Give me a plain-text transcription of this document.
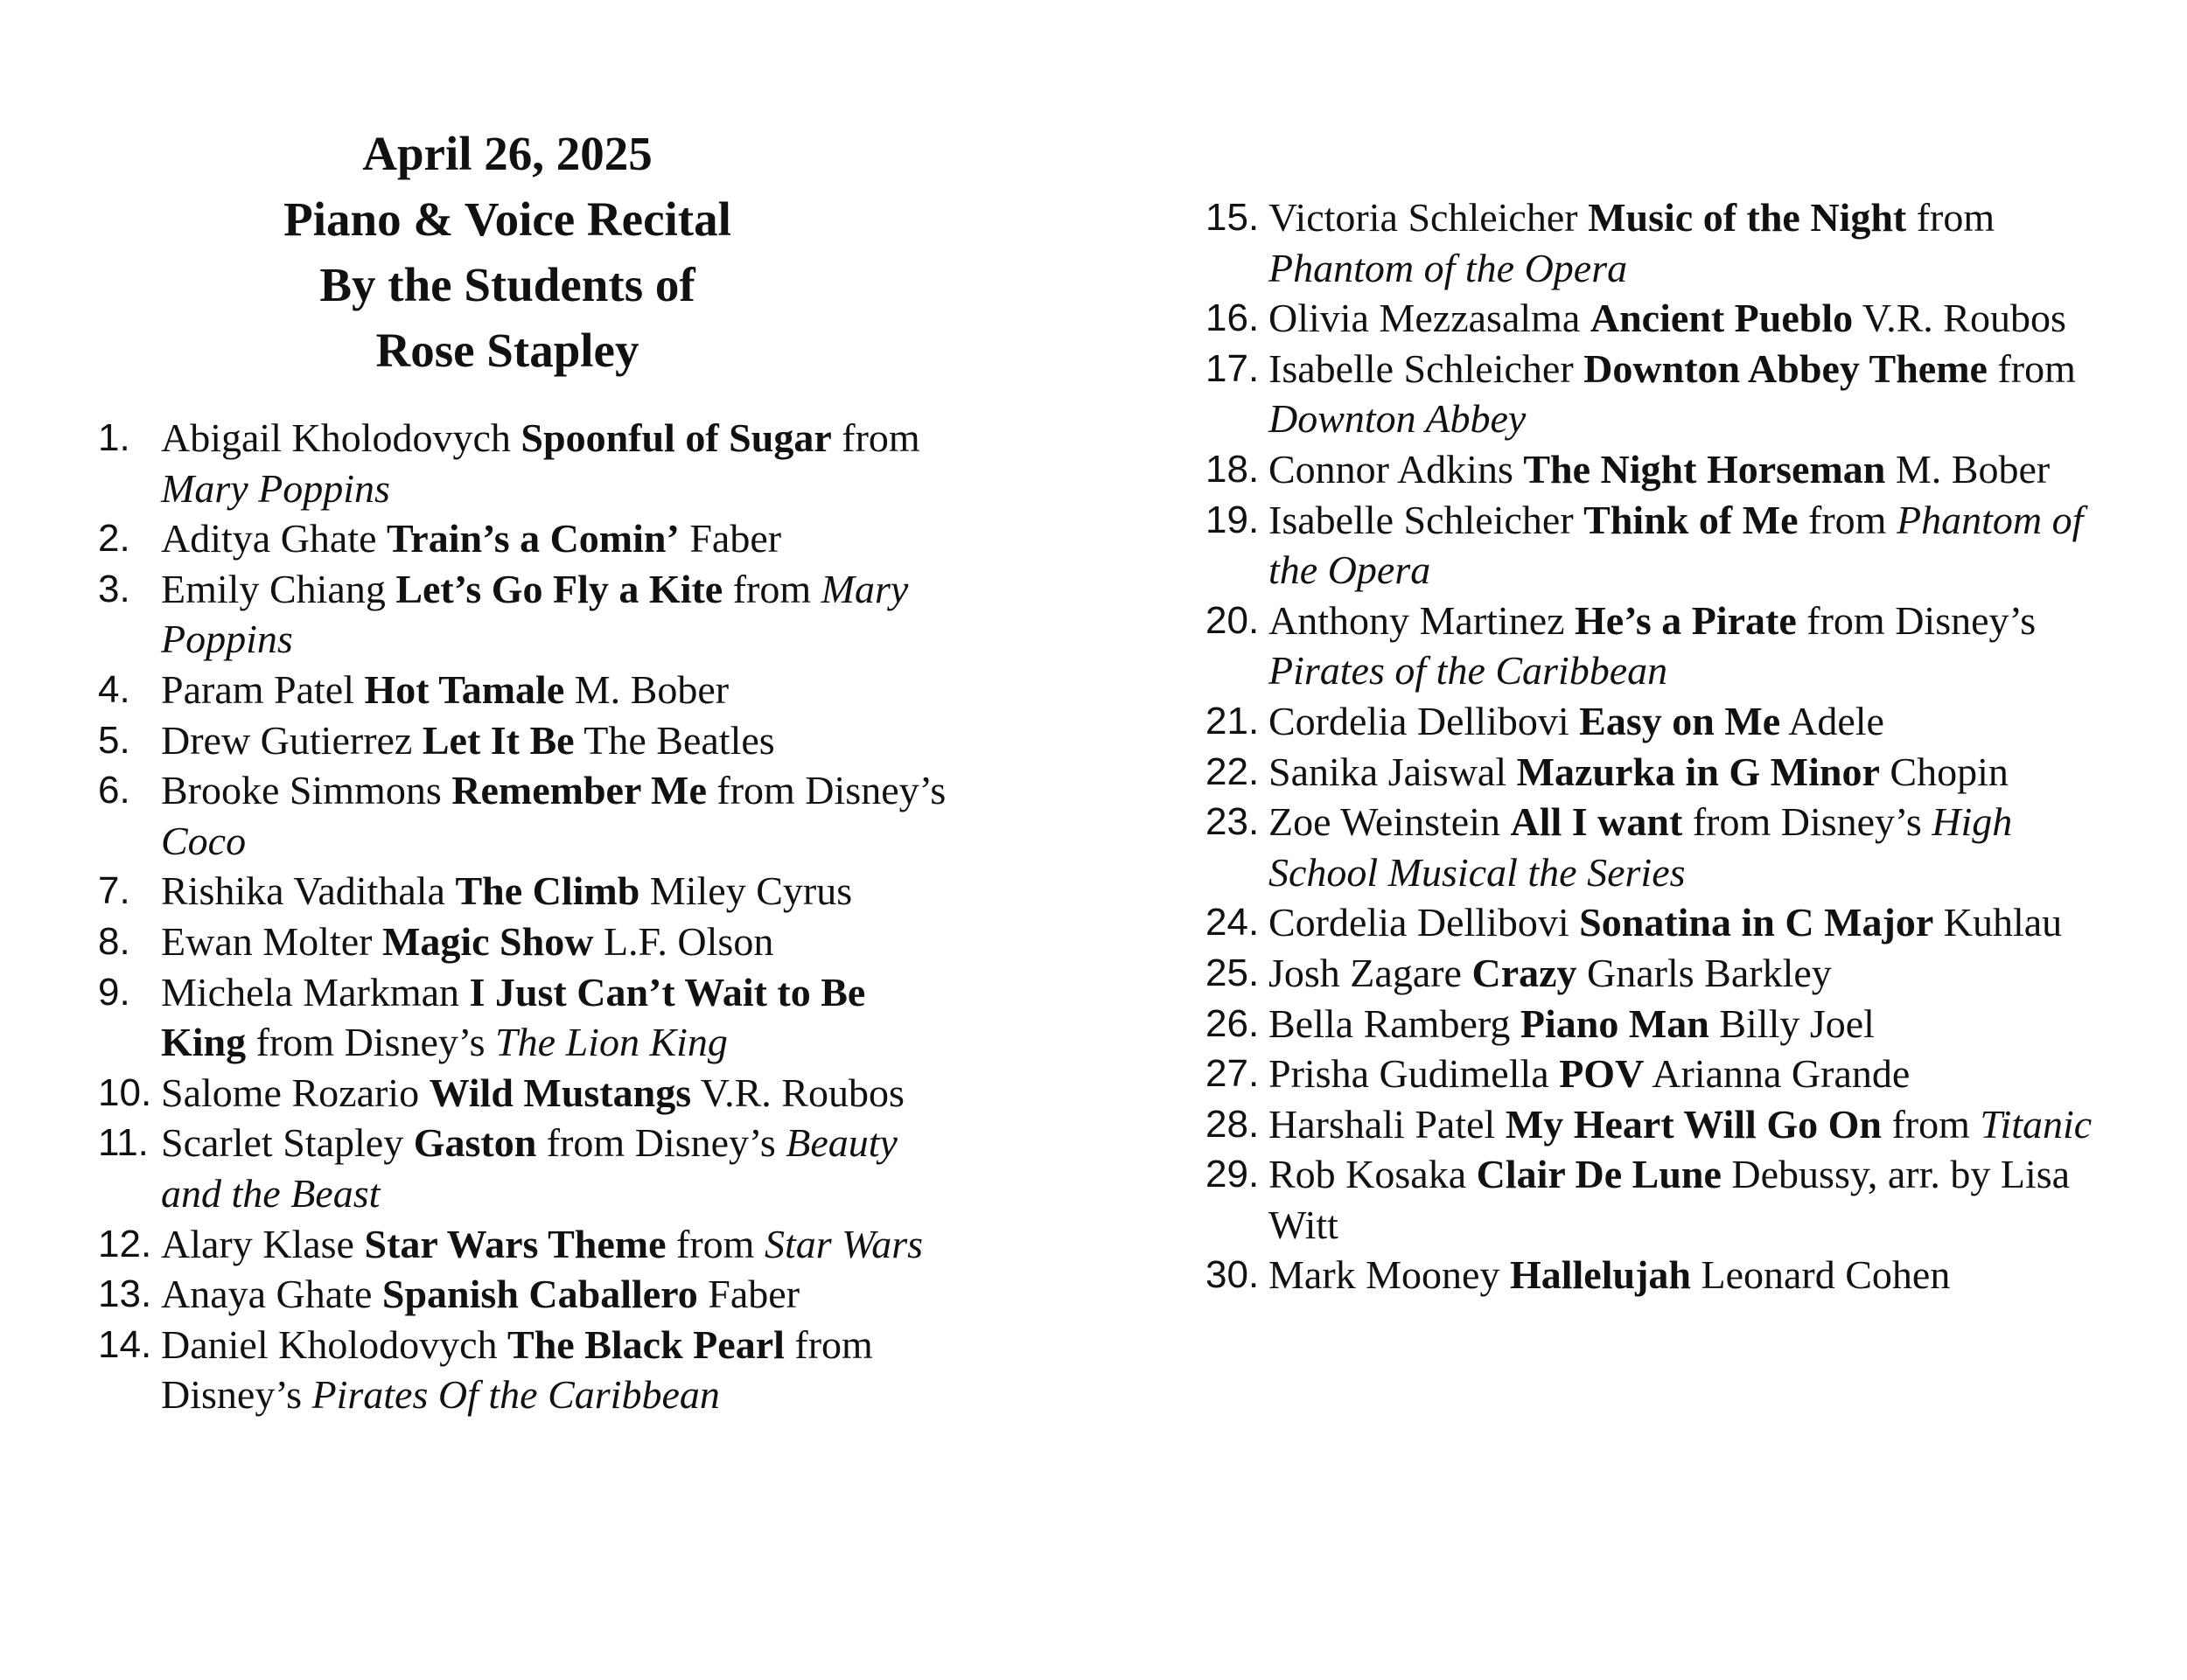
April 26, 2025
Piano & Voice Recital
By the Students of
Rose Stapley
1. Abigail Kholodovych Spoonful of Sugar from Mary Poppins
2. Aditya Ghate Train’s a Comin’ Faber
3. Emily Chiang Let’s Go Fly a Kite from Mary Poppins
4. Param Patel Hot Tamale M. Bober
5. Drew Gutierrez Let It Be The Beatles
6. Brooke Simmons Remember Me from Disney’s Coco
7. Rishika Vadithala The Climb Miley Cyrus
8. Ewan Molter Magic Show L.F. Olson
9. Michela Markman I Just Can’t Wait to Be King from Disney’s The Lion King
10. Salome Rozario Wild Mustangs V.R. Roubos
11. Scarlet Stapley Gaston from Disney’s Beauty and the Beast
12. Alary Klase Star Wars Theme from Star Wars
13. Anaya Ghate Spanish Caballero Faber
14. Daniel Kholodovych The Black Pearl from Disney’s Pirates Of the Caribbean
15. Victoria Schleicher Music of the Night from Phantom of the Opera
16. Olivia Mezzasalma Ancient Pueblo V.R. Roubos
17. Isabelle Schleicher Downton Abbey Theme from Downton Abbey
18. Connor Adkins The Night Horseman M. Bober
19. Isabelle Schleicher Think of Me from Phantom of the Opera
20. Anthony Martinez He’s a Pirate from Disney’s Pirates of the Caribbean
21. Cordelia Dellibovi Easy on Me Adele
22. Sanika Jaiswal Mazurka in G Minor Chopin
23. Zoe Weinstein All I want from Disney’s High School Musical the Series
24. Cordelia Dellibovi Sonatina in C Major Kuhlau
25. Josh Zagare Crazy Gnarls Barkley
26. Bella Ramberg Piano Man Billy Joel
27. Prisha Gudimella POV Arianna Grande
28. Harshali Patel My Heart Will Go On from Titanic
29. Rob Kosaka Clair De Lune Debussy, arr. by Lisa Witt
30. Mark Mooney Hallelujah Leonard Cohen
